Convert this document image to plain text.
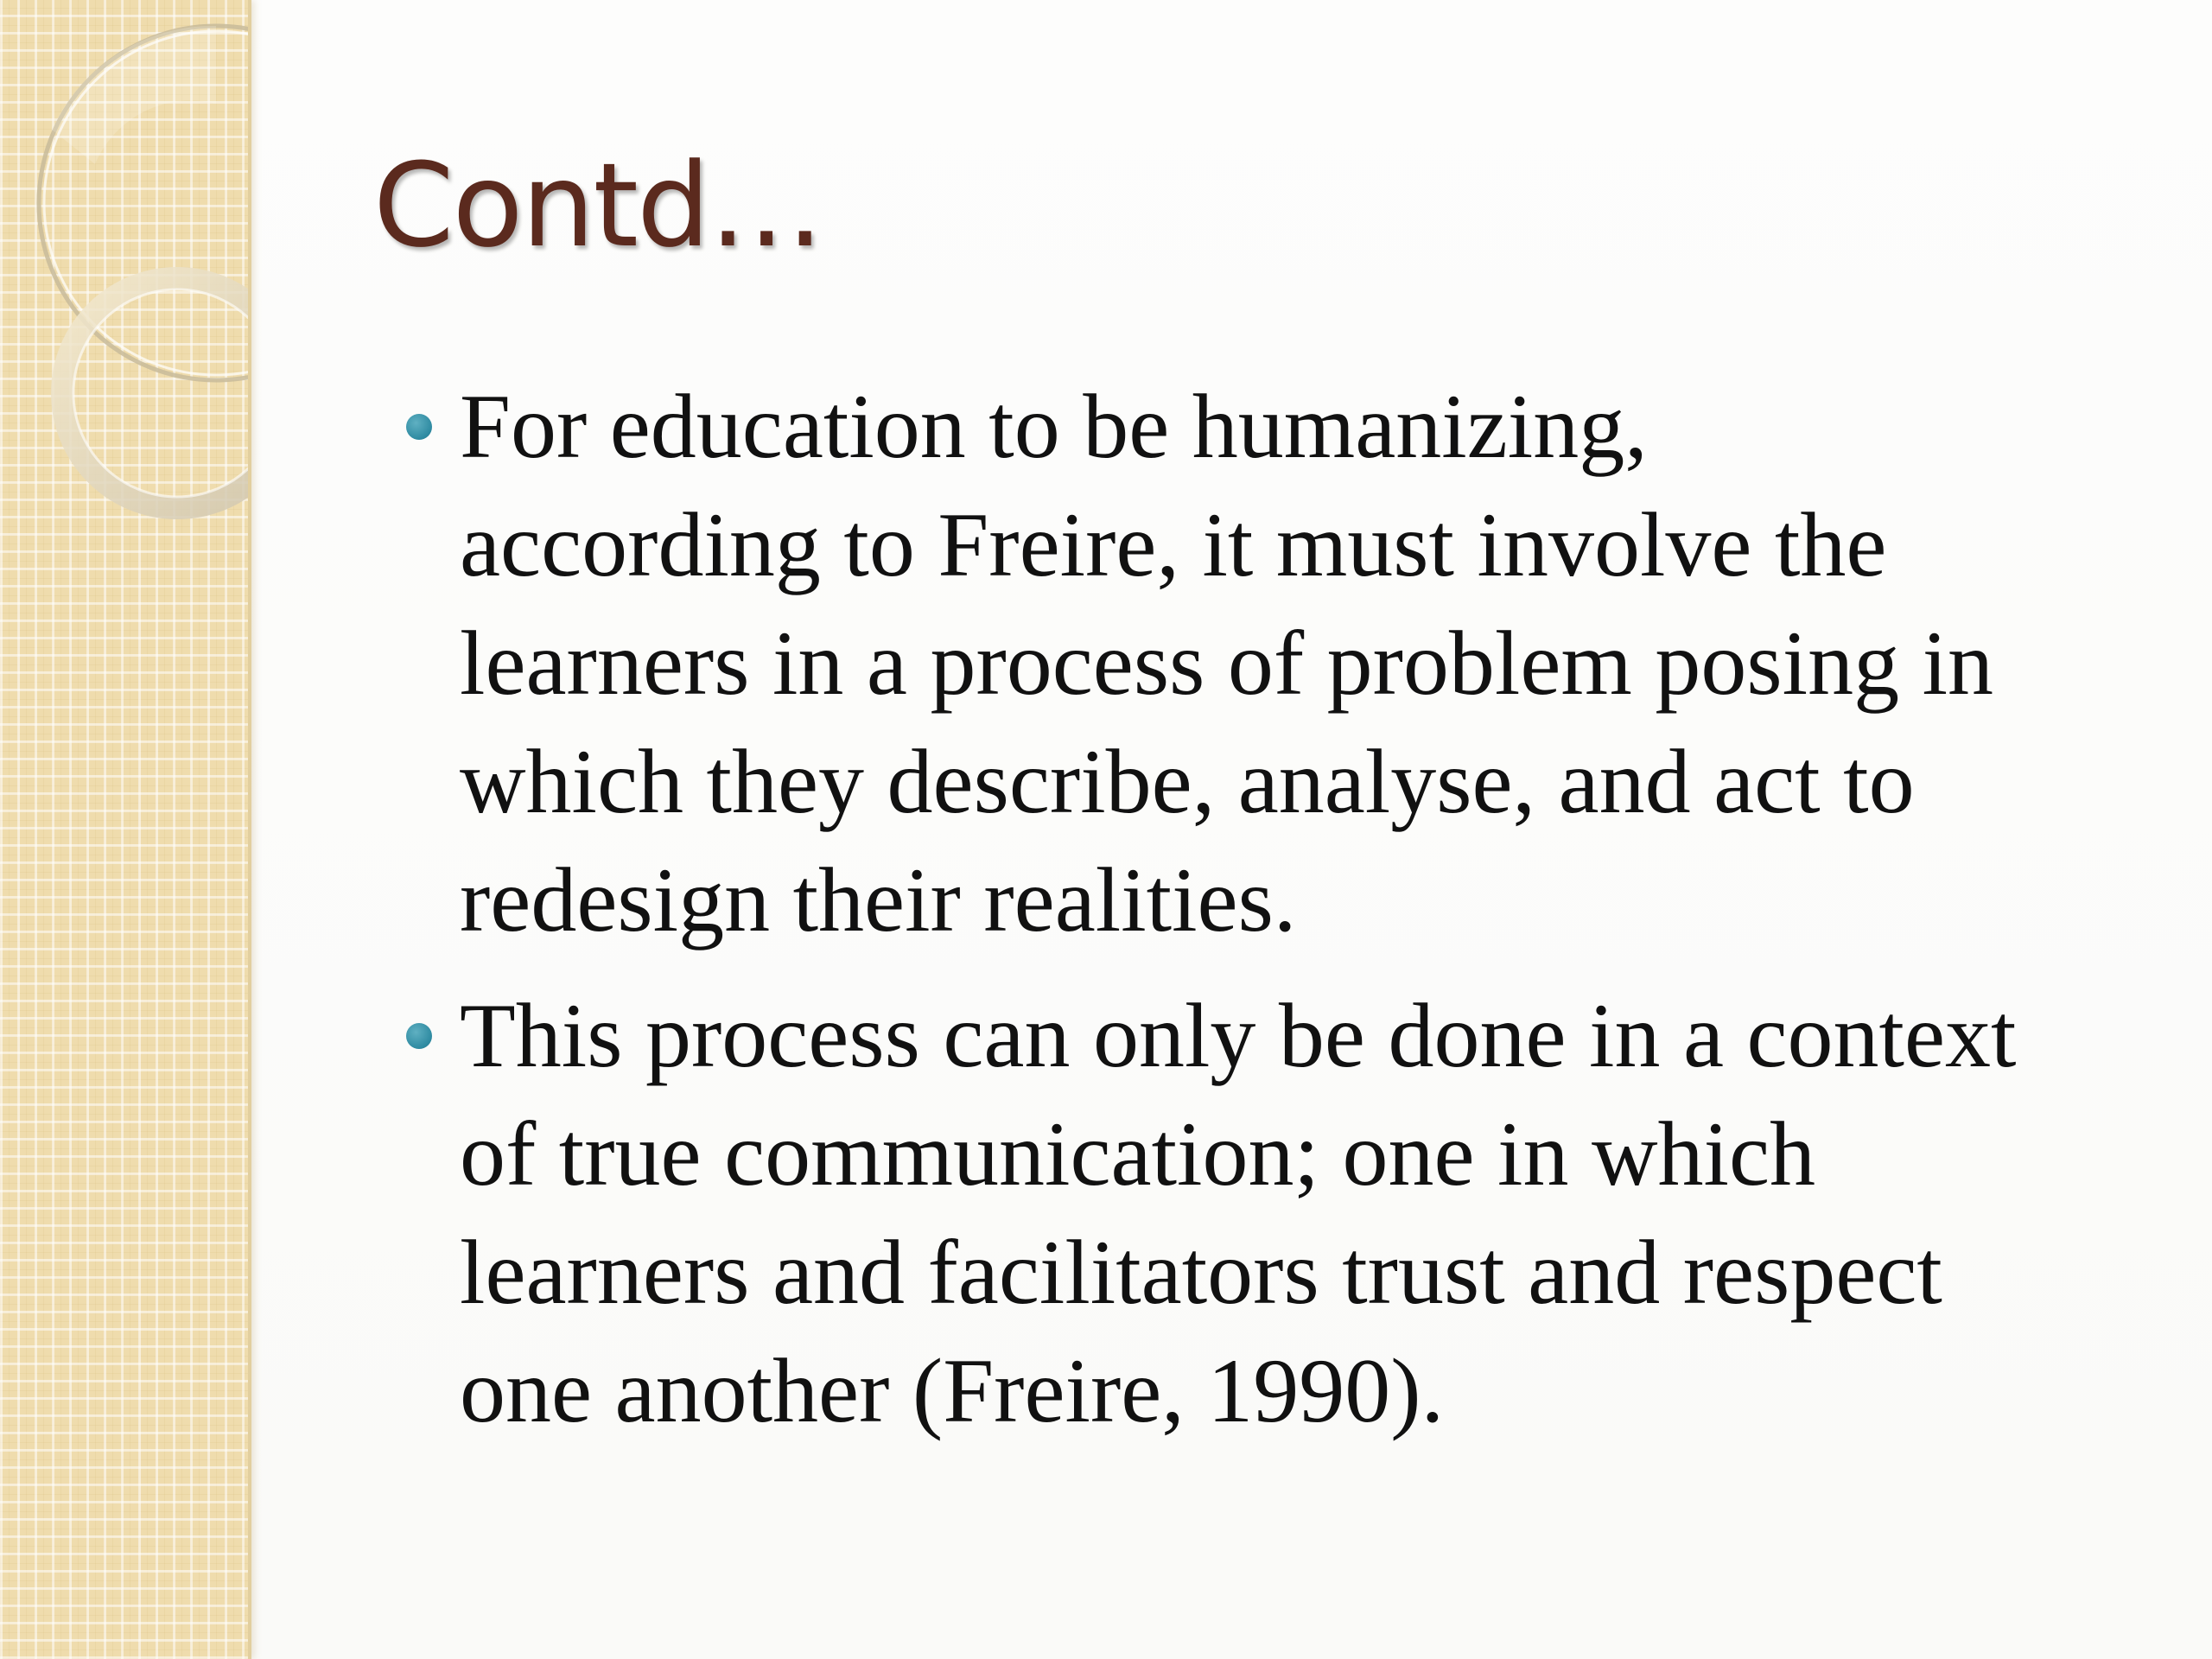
Contd…
For education to be humanizing,
according to Freire, it must involve the
learners in a process of problem posing in
which they describe, analyse, and act to
redesign their realities.
This process can only be done in a context
of true communication; one in which
learners and facilitators trust and respect
one another (Freire, 1990).
